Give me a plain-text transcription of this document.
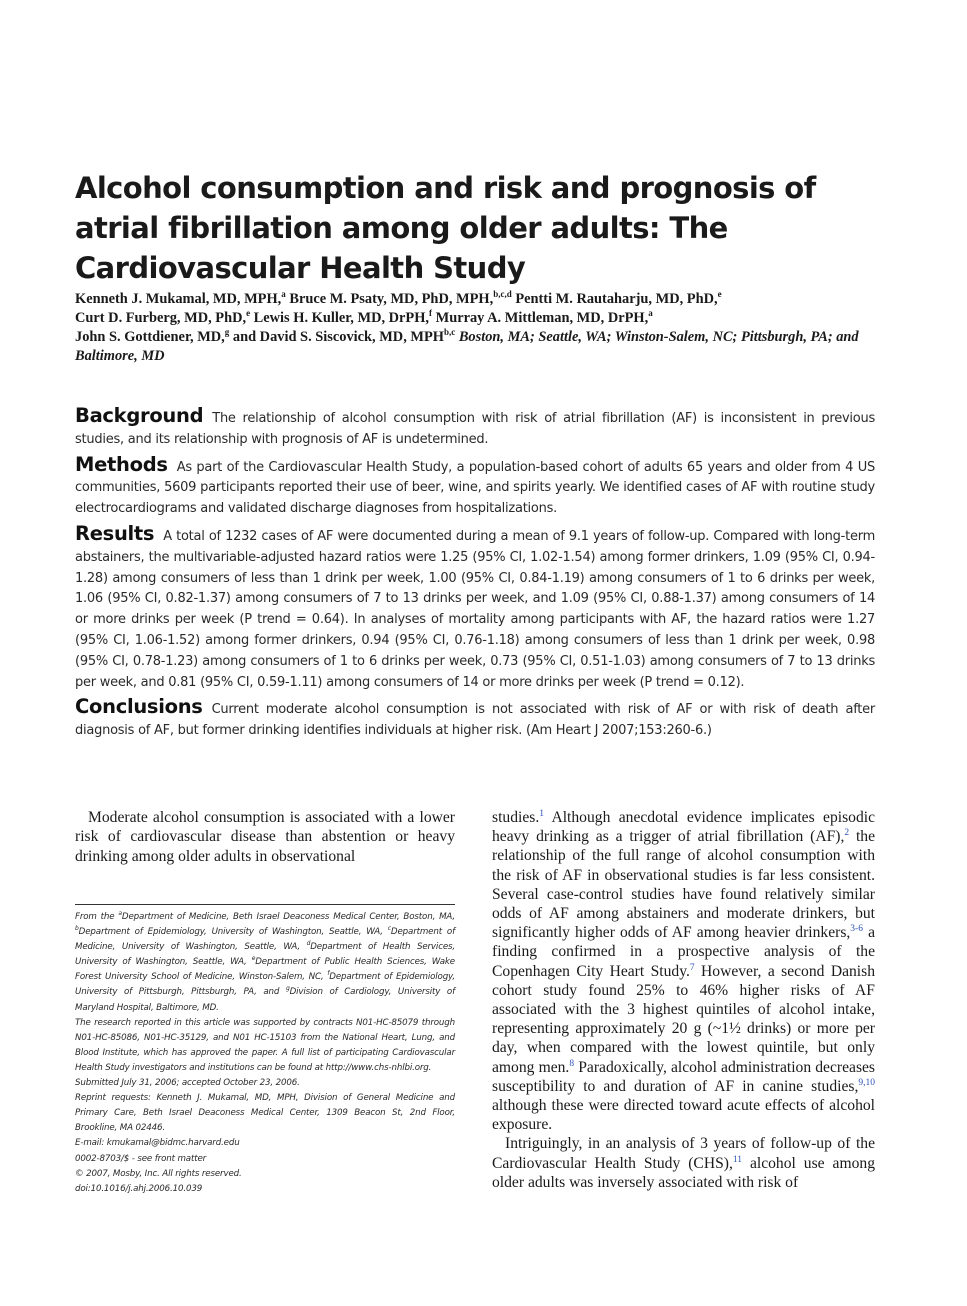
Alcohol consumption and risk and prognosis of atrial fibrillation among older adults: The Cardiovascular Health Study
Kenneth J. Mukamal, MD, MPH,$^a$ Bruce M. Psaty, MD, PhD, MPH,$^{b,c,d}$ Pentti M. Rautaharju, MD, PhD,$^e$
Curt D. Furberg, MD, PhD,$^e$ Lewis H. Kuller, MD, DrPH,$^f$ Murray A. Mittleman, MD, DrPH,$^a$
John S. Gottdiener, MD,$^g$ and David S. Siscovick, MD, MPH$^{b,c}$ Boston, MA; Seattle, WA; Winston-Salem, NC; Pittsburgh, PA; and Baltimore, MD

Background The relationship of alcohol consumption with risk of atrial fibrillation (AF) is inconsistent in previous studies, and its relationship with prognosis of AF is undetermined.

Methods As part of the Cardiovascular Health Study, a population-based cohort of adults 65 years and older from 4 US communities, 5609 participants reported their use of beer, wine, and spirits yearly. We identified cases of AF with routine study electrocardiograms and validated discharge diagnoses from hospitalizations.

Results A total of 1232 cases of AF were documented during a mean of 9.1 years of follow-up. Compared with long-term abstainers, the multivariable-adjusted hazard ratios were 1.25 (95% CI, 1.02-1.54) among former drinkers, 1.09 (95% CI, 0.94-1.28) among consumers of less than 1 drink per week, 1.00 (95% CI, 0.84-1.19) among consumers of 1 to 6 drinks per week, 1.06 (95% CI, 0.82-1.37) among consumers of 7 to 13 drinks per week, and 1.09 (95% CI, 0.88-1.37) among consumers of 14 or more drinks per week (P trend = 0.64). In analyses of mortality among participants with AF, the hazard ratios were 1.27 (95% CI, 1.06-1.52) among former drinkers, 0.94 (95% CI, 0.76-1.18) among consumers of less than 1 drink per week, 0.98 (95% CI, 0.78-1.23) among consumers of 1 to 6 drinks per week, 0.73 (95% CI, 0.51-1.03) among consumers of 7 to 13 drinks per week, and 0.81 (95% CI, 0.59-1.11) among consumers of 14 or more drinks per week (P trend = 0.12).

Conclusions Current moderate alcohol consumption is not associated with risk of AF or with risk of death after diagnosis of AF, but former drinking identifies individuals at higher risk. (Am Heart J 2007;153:260-6.)

Moderate alcohol consumption is associated with a lower risk of cardiovascular disease than abstention or heavy drinking among older adults in observational

From the $^a$Department of Medicine, Beth Israel Deaconess Medical Center, Boston, MA, $^b$Department of Epidemiology, University of Washington, Seattle, WA, $^c$Department of Medicine, University of Washington, Seattle, WA, $^d$Department of Health Services, University of Washington, Seattle, WA, $^e$Department of Public Health Sciences, Wake Forest University School of Medicine, Winston-Salem, NC, $^f$Department of Epidemiology, University of Pittsburgh, Pittsburgh, PA, and $^g$Division of Cardiology, University of Maryland Hospital, Baltimore, MD.

The research reported in this article was supported by contracts N01-HC-85079 through N01-HC-85086, N01-HC-35129, and N01 HC-15103 from the National Heart, Lung, and Blood Institute, which has approved the paper. A full list of participating Cardiovascular Health Study investigators and institutions can be found at http://www.chs-nhlbi.org.

Submitted July 31, 2006; accepted October 23, 2006.

Reprint requests: Kenneth J. Mukamal, MD, MPH, Division of General Medicine and Primary Care, Beth Israel Deaconess Medical Center, 1309 Beacon St, 2nd Floor, Brookline, MA 02446.

E-mail: kmukamal@bidmc.harvard.edu

0002-8703/$ - see front matter

© 2007, Mosby, Inc. All rights reserved.

doi:10.1016/j.ahj.2006.10.039

studies.$^1$ Although anecdotal evidence implicates episodic heavy drinking as a trigger of atrial fibrillation (AF),$^2$ the relationship of the full range of alcohol consumption with the risk of AF in observational studies is far less consistent. Several case-control studies have found relatively similar odds of AF among abstainers and moderate drinkers, but significantly higher odds of AF among heavier drinkers,$^{3-6}$ a finding confirmed in a prospective analysis of the Copenhagen City Heart Study.$^7$ However, a second Danish cohort study found 25% to 46% higher risks of AF associated with the 3 highest quintiles of alcohol intake, representing approximately 20 g (~1½ drinks) or more per day, when compared with the lowest quintile, but only among men.$^8$ Paradoxically, alcohol administration decreases susceptibility to and duration of AF in canine studies,$^{9,10}$ although these were directed toward acute effects of alcohol exposure.

Intriguingly, in an analysis of 3 years of follow-up of the Cardiovascular Health Study (CHS),$^{11}$ alcohol use among older adults was inversely associated with risk of
